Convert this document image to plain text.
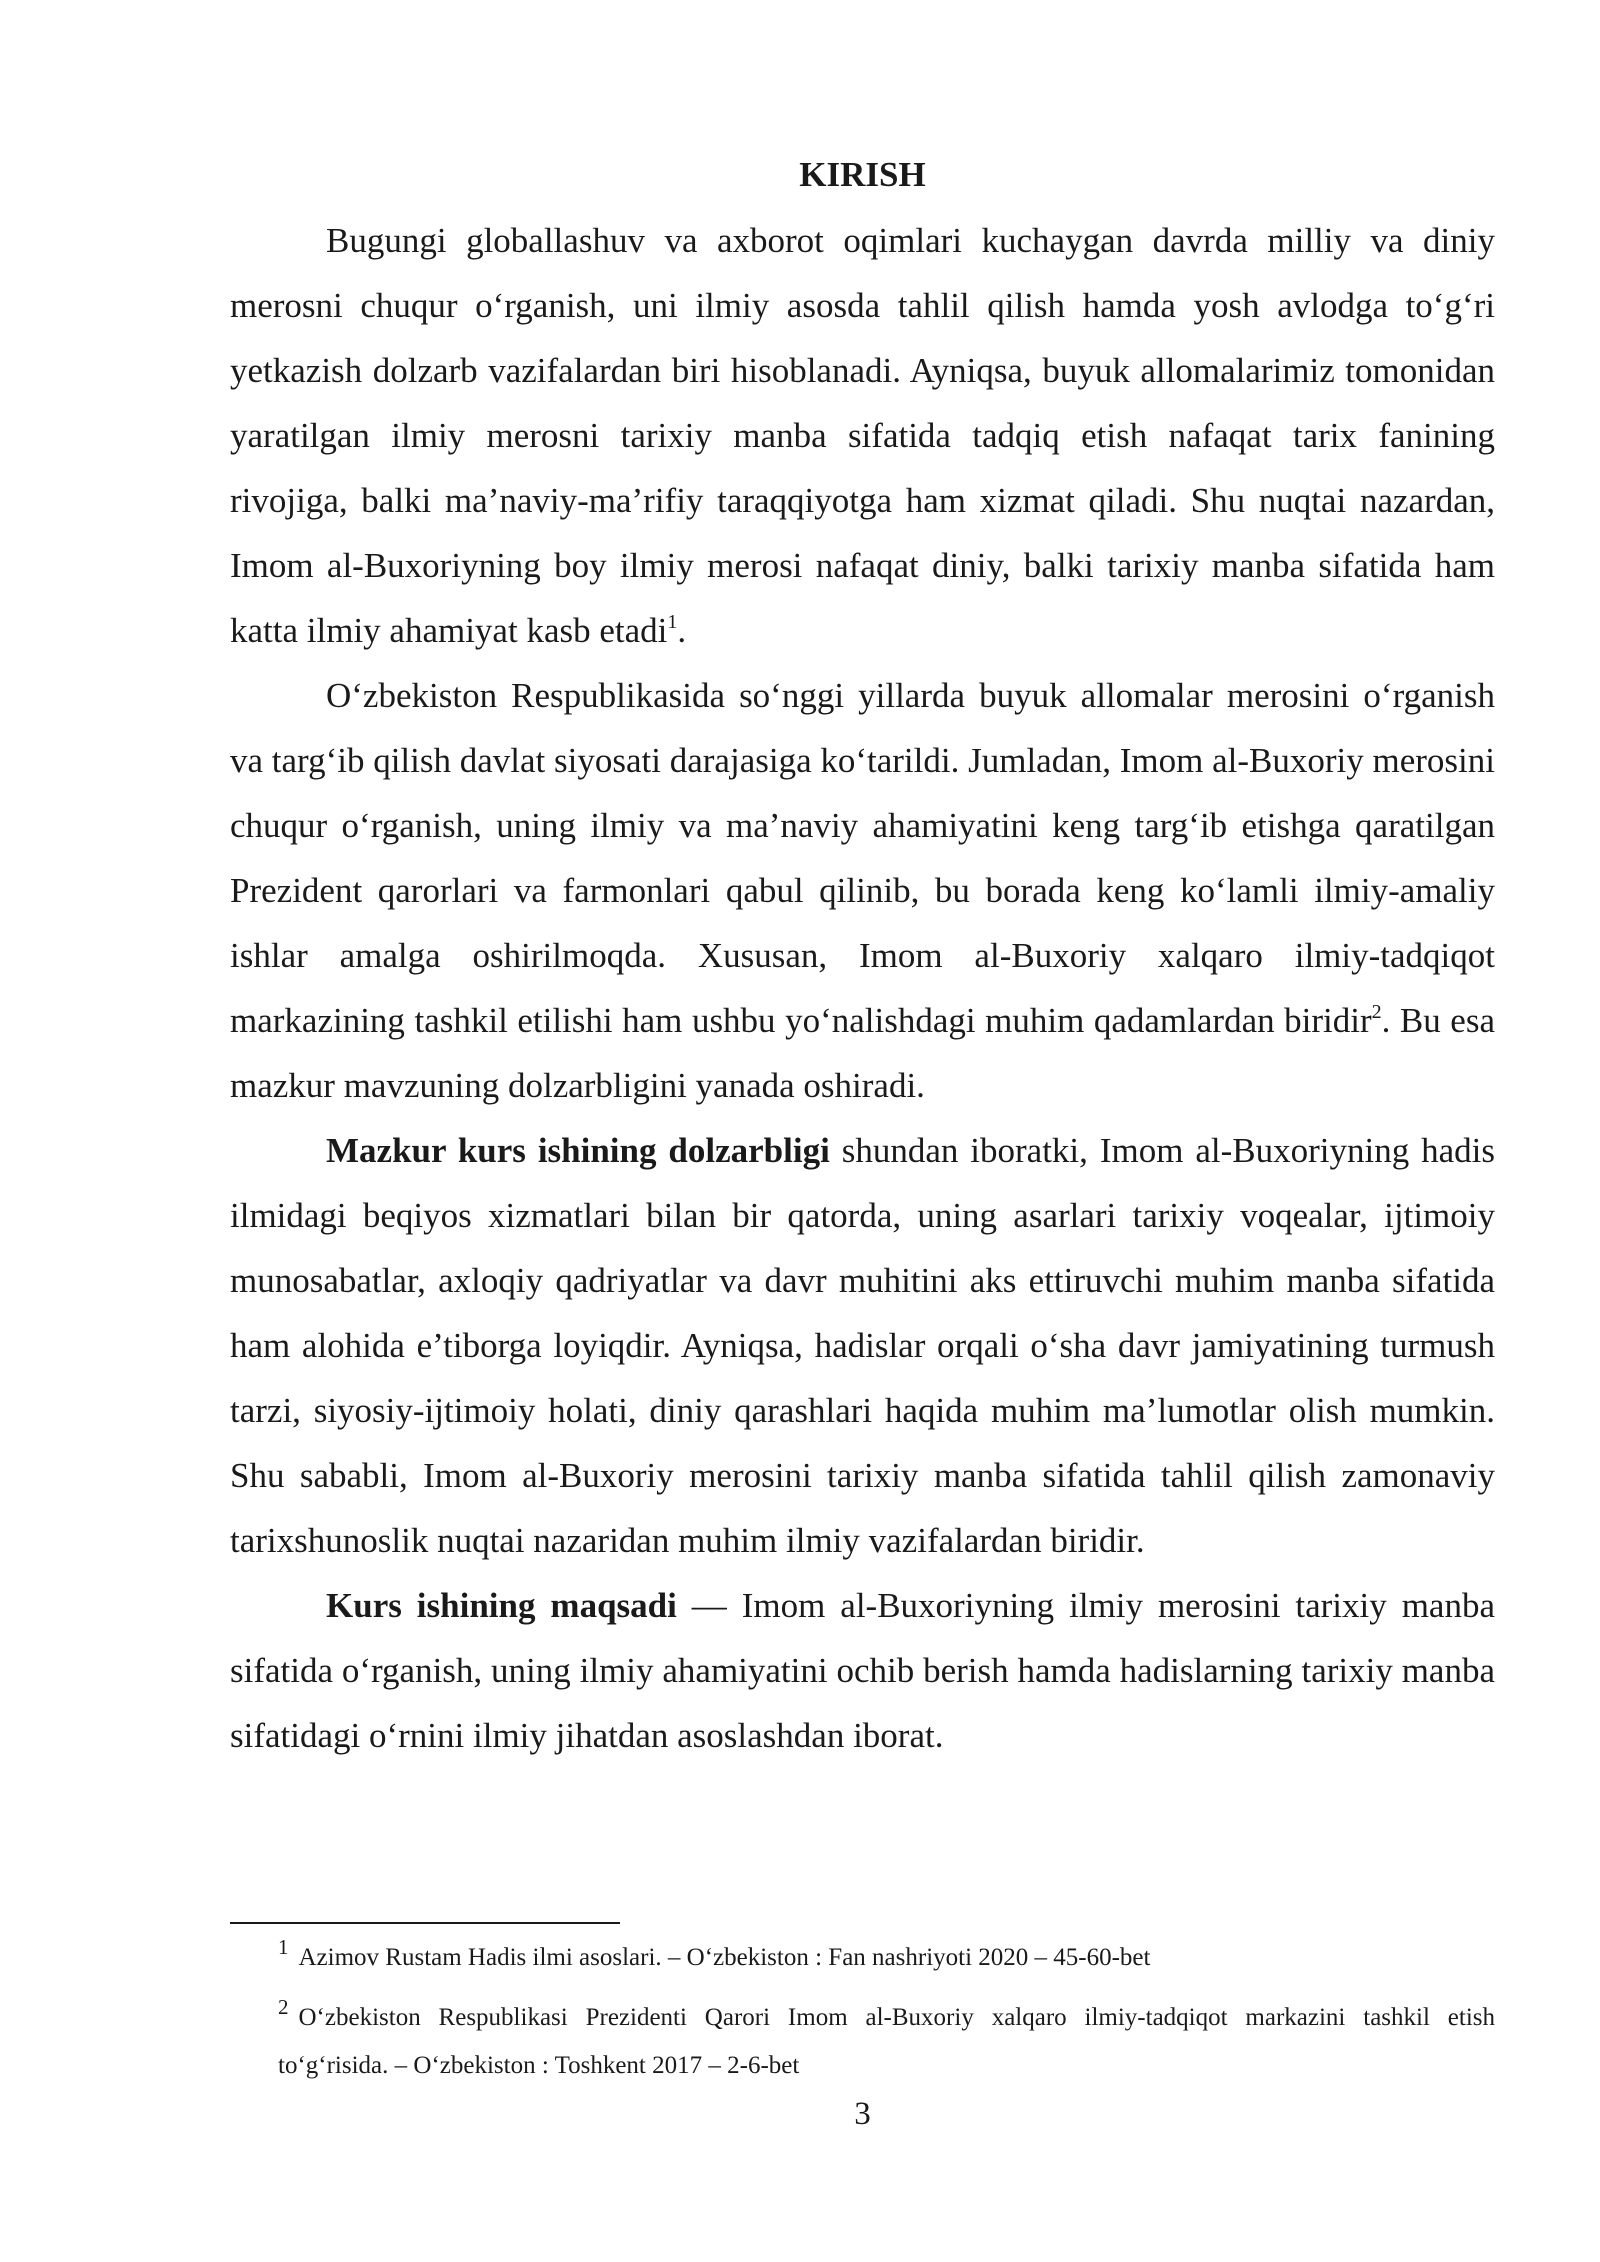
KIRISH

Bugungi globallashuv va axborot oqimlari kuchaygan davrda milliy va diniy merosni chuqur o‘rganish, uni ilmiy asosda tahlil qilish hamda yosh avlodga to‘g‘ri yetkazish dolzarb vazifalardan biri hisoblanadi. Ayniqsa, buyuk allomalarimiz tomonidan yaratilgan ilmiy merosni tarixiy manba sifatida tadqiq etish nafaqat tarix fanining rivojiga, balki ma’naviy-ma’rifiy taraqqiyotga ham xizmat qiladi. Shu nuqtai nazardan, Imom al-Buxoriyning boy ilmiy merosi nafaqat diniy, balki tarixiy manba sifatida ham katta ilmiy ahamiyat kasb etadi$^1$.

O‘zbekiston Respublikasida so‘nggi yillarda buyuk allomalar merosini o‘rganish va targ‘ib qilish davlat siyosati darajasiga ko‘tarildi. Jumladan, Imom al-Buxoriy merosini chuqur o‘rganish, uning ilmiy va ma’naviy ahamiyatini keng targ‘ib etishga qaratilgan Prezident qarorlari va farmonlari qabul qilinib, bu borada keng ko‘lamli ilmiy-amaliy ishlar amalga oshirilmoqda. Xususan, Imom al-Buxoriy xalqaro ilmiy-tadqiqot markazining tashkil etilishi ham ushbu yo‘nalishdagi muhim qadamlardan biridir$^2$. Bu esa mazkur mavzuning dolzarbligini yanada oshiradi.

Mazkur kurs ishining dolzarbligi shundan iboratki, Imom al-Buxoriyning hadis ilmidagi beqiyos xizmatlari bilan bir qatorda, uning asarlari tarixiy voqealar, ijtimoiy munosabatlar, axloqiy qadriyatlar va davr muhitini aks ettiruvchi muhim manba sifatida ham alohida e’tiborga loyiqdir. Ayniqsa, hadislar orqali o‘sha davr jamiyatining turmush tarzi, siyosiy-ijtimoiy holati, diniy qarashlari haqida muhim ma’lumotlar olish mumkin. Shu sababli, Imom al-Buxoriy merosini tarixiy manba sifatida tahlil qilish zamonaviy tarixshunoslik nuqtai nazaridan muhim ilmiy vazifalardan biridir.

Kurs ishining maqsadi — Imom al-Buxoriyning ilmiy merosini tarixiy manba sifatida o‘rganish, uning ilmiy ahamiyatini ochib berish hamda hadislarning tarixiy manba sifatidagi o‘rnini ilmiy jihatdan asoslashdan iborat.

$^1$ Azimov Rustam Hadis ilmi asoslari. – O‘zbekiston : Fan nashriyoti 2020 – 45-60-bet

$^2$ O‘zbekiston Respublikasi Prezidenti Qarori Imom al-Buxoriy xalqaro ilmiy-tadqiqot markazini tashkil etish to‘g‘risida. – O‘zbekiston : Toshkent 2017 – 2-6-bet

3
